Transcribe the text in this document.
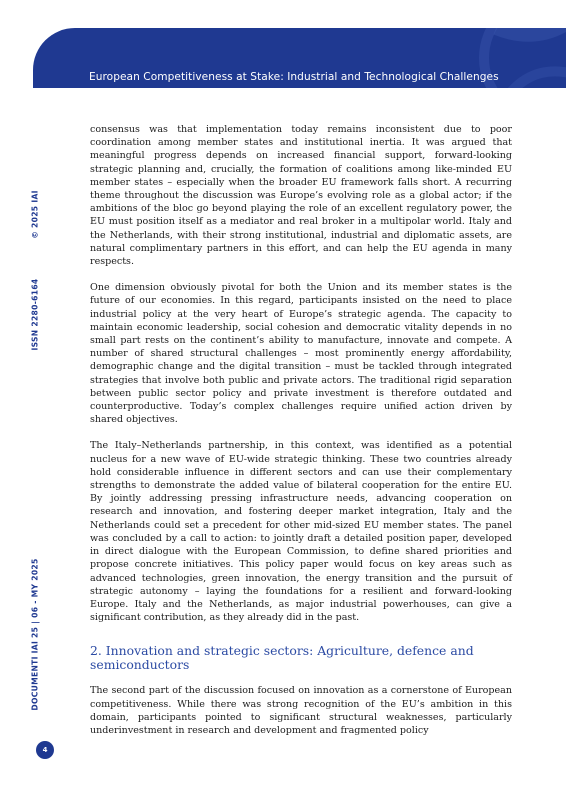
European Competitiveness at Stake: Industrial and Technological Challenges
© 2025 IAI
ISSN 2280-6164
DOCUMENTI IAI 25 | 06 - MY 2025

consensus was that implementation today remains inconsistent due to poor coordination among member states and institutional inertia. It was argued that meaningful progress depends on increased financial support, forward-looking strategic planning and, crucially, the formation of coalitions among like-minded EU member states – especially when the broader EU framework falls short. A recurring theme throughout the discussion was Europe’s evolving role as a global actor; if the ambitions of the bloc go beyond playing the role of an excellent regulatory power, the EU must position itself as a mediator and real broker in a multipolar world. Italy and the Netherlands, with their strong institutional, industrial and diplomatic assets, are natural complimentary partners in this effort, and can help the EU agenda in many respects.

One dimension obviously pivotal for both the Union and its member states is the future of our economies. In this regard, participants insisted on the need to place industrial policy at the very heart of Europe’s strategic agenda. The capacity to maintain economic leadership, social cohesion and democratic vitality depends in no small part rests on the continent’s ability to manufacture, innovate and compete. A number of shared structural challenges – most prominently energy affordability, demographic change and the digital transition – must be tackled through integrated strategies that involve both public and private actors. The traditional rigid separation between public sector policy and private investment is therefore outdated and counterproductive. Today’s complex challenges require unified action driven by shared objectives.

The Italy–Netherlands partnership, in this context, was identified as a potential nucleus for a new wave of EU-wide strategic thinking. These two countries already hold considerable influence in different sectors and can use their complementary strengths to demonstrate the added value of bilateral cooperation for the entire EU. By jointly addressing pressing infrastructure needs, advancing cooperation on research and innovation, and fostering deeper market integration, Italy and the Netherlands could set a precedent for other mid-sized EU member states. The panel was concluded by a call to action: to jointly draft a detailed position paper, developed in direct dialogue with the European Commission, to define shared priorities and propose concrete initiatives. This policy paper would focus on key areas such as advanced technologies, green innovation, the energy transition and the pursuit of strategic autonomy – laying the foundations for a resilient and forward-looking Europe. Italy and the Netherlands, as major industrial powerhouses, can give a significant contribution, as they already did in the past.

2. Innovation and strategic sectors: Agriculture, defence and semiconductors

The second part of the discussion focused on innovation as a cornerstone of European competitiveness. While there was strong recognition of the EU’s ambition in this domain, participants pointed to significant structural weaknesses, particularly underinvestment in research and development and fragmented policy

4
